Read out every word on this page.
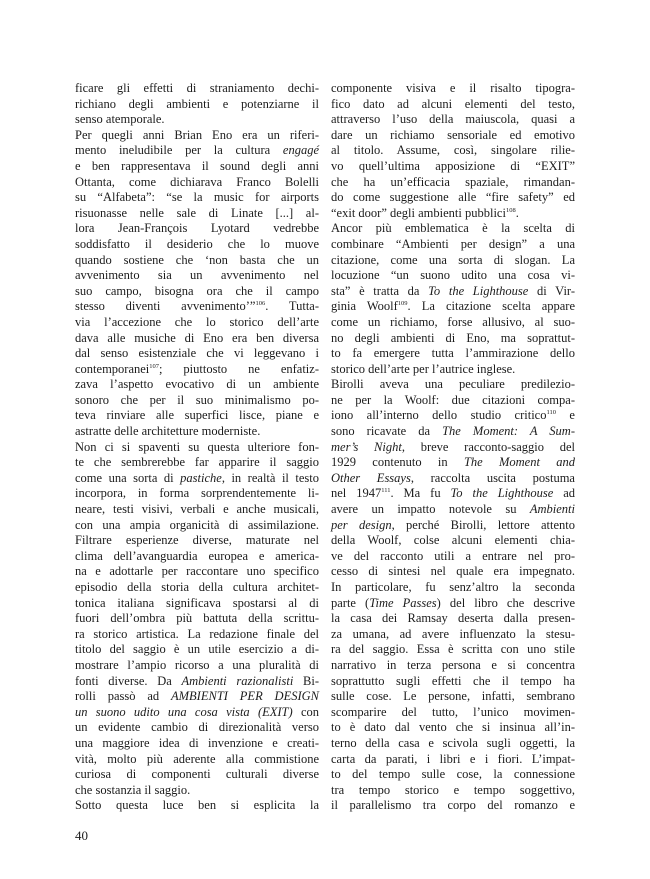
ficare gli effetti di straniamento dechi-
richiano degli ambienti e potenziarne il
senso atemporale.
Per quegli anni Brian Eno era un riferi-
mento ineludibile per la cultura engagé
e ben rappresentava il sound degli anni
Ottanta, come dichiarava Franco Bolelli
su “Alfabeta”: “se la music for airports
risuonasse nelle sale di Linate [...] al-
lora Jean-François Lyotard vedrebbe
soddisfatto il desiderio che lo muove
quando sostiene che ‘non basta che un
avvenimento sia un avvenimento nel
suo campo, bisogna ora che il campo
stesso diventi avvenimento’”$^{106}$. Tutta-
via l’accezione che lo storico dell’arte
dava alle musiche di Eno era ben diversa
dal senso esistenziale che vi leggevano i
contemporanei$^{107}$; piuttosto ne enfatiz-
zava l’aspetto evocativo di un ambiente
sonoro che per il suo minimalismo po-
teva rinviare alle superfici lisce, piane e
astratte delle architetture moderniste.
Non ci si spaventi su questa ulteriore fon-
te che sembrerebbe far apparire il saggio
come una sorta di pastiche, in realtà il testo
incorpora, in forma sorprendentemente li-
neare, testi visivi, verbali e anche musicali,
con una ampia organicità di assimilazione.
Filtrare esperienze diverse, maturate nel
clima dell’avanguardia europea e america-
na e adottarle per raccontare uno specifico
episodio della storia della cultura architet-
tonica italiana significava spostarsi al di
fuori dell’ombra più battuta della scrittu-
ra storico artistica. La redazione finale del
titolo del saggio è un utile esercizio a di-
mostrare l’ampio ricorso a una pluralità di
fonti diverse. Da Ambienti razionalisti Bi-
rolli passò ad AMBIENTI PER DESIGN
un suono udito una cosa vista (EXIT) con
un evidente cambio di direzionalità verso
una maggiore idea di invenzione e creati-
vità, molto più aderente alla commistione
curiosa di componenti culturali diverse
che sostanzia il saggio.
Sotto questa luce ben si esplicita la
componente visiva e il risalto tipogra-
fico dato ad alcuni elementi del testo,
attraverso l’uso della maiuscola, quasi a
dare un richiamo sensoriale ed emotivo
al titolo. Assume, così, singolare rilie-
vo quell’ultima apposizione di “EXIT”
che ha un’efficacia spaziale, rimandan-
do come suggestione alle “fire safety” ed
“exit door” degli ambienti pubblici$^{108}$.
Ancor più emblematica è la scelta di
combinare “Ambienti per design” a una
citazione, come una sorta di slogan. La
locuzione “un suono udito una cosa vi-
sta” è tratta da To the Lighthouse di Vir-
ginia Woolf$^{109}$. La citazione scelta appare
come un richiamo, forse allusivo, al suo-
no degli ambienti di Eno, ma soprattut-
to fa emergere tutta l’ammirazione dello
storico dell’arte per l’autrice inglese.
Birolli aveva una peculiare predilezio-
ne per la Woolf: due citazioni compa-
iono all’interno dello studio critico$^{110}$ e
sono ricavate da The Moment: A Sum-
mer’s Night, breve racconto-saggio del
1929 contenuto in The Moment and
Other Essays, raccolta uscita postuma
nel 1947$^{111}$. Ma fu To the Lighthouse ad
avere un impatto notevole su Ambienti
per design, perché Birolli, lettore attento
della Woolf, colse alcuni elementi chia-
ve del racconto utili a entrare nel pro-
cesso di sintesi nel quale era impegnato.
In particolare, fu senz’altro la seconda
parte (Time Passes) del libro che descrive
la casa dei Ramsay deserta dalla presen-
za umana, ad avere influenzato la stesu-
ra del saggio. Essa è scritta con uno stile
narrativo in terza persona e si concentra
soprattutto sugli effetti che il tempo ha
sulle cose. Le persone, infatti, sembrano
scomparire del tutto, l’unico movimen-
to è dato dal vento che si insinua all’in-
terno della casa e scivola sugli oggetti, la
carta da parati, i libri e i fiori. L’impat-
to del tempo sulle cose, la connessione
tra tempo storico e tempo soggettivo,
il parallelismo tra corpo del romanzo e
40
